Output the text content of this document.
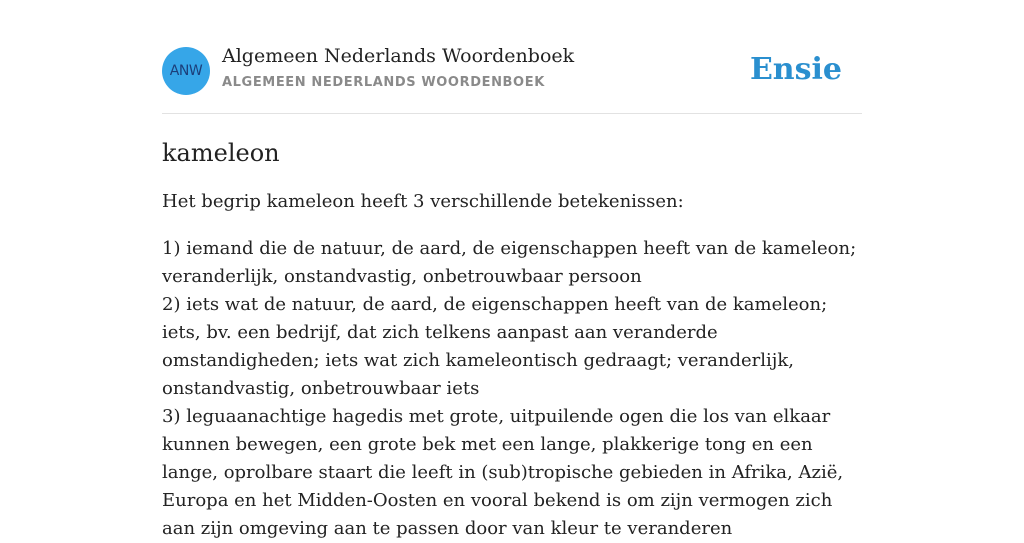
ANW
Algemeen Nederlands Woordenboek
ALGEMEEN NEDERLANDS WOORDENBOEK	Ensie
kameleon

Het begrip kameleon heeft 3 verschillende betekenissen:

1) iemand die de natuur, de aard, de eigenschappen heeft van de kameleon; veranderlijk, onstandvastig, onbetrouwbaar persoon
2) iets wat de natuur, de aard, de eigenschappen heeft van de kameleon; iets, bv. een bedrijf, dat zich telkens aanpast aan veranderde omstandigheden; iets wat zich kameleontisch gedraagt; veranderlijk, onstandvastig, onbetrouwbaar iets
3) leguaanachtige hagedis met grote, uitpuilende ogen die los van elkaar kunnen bewegen, een grote bek met een lange, plakkerige tong en een lange, oprolbare staart die leeft in (sub)tropische gebieden in Afrika, Azië, Europa en het Midden-Oosten en vooral bekend is om zijn vermogen zich aan zijn omgeving aan te passen door van kleur te veranderen
